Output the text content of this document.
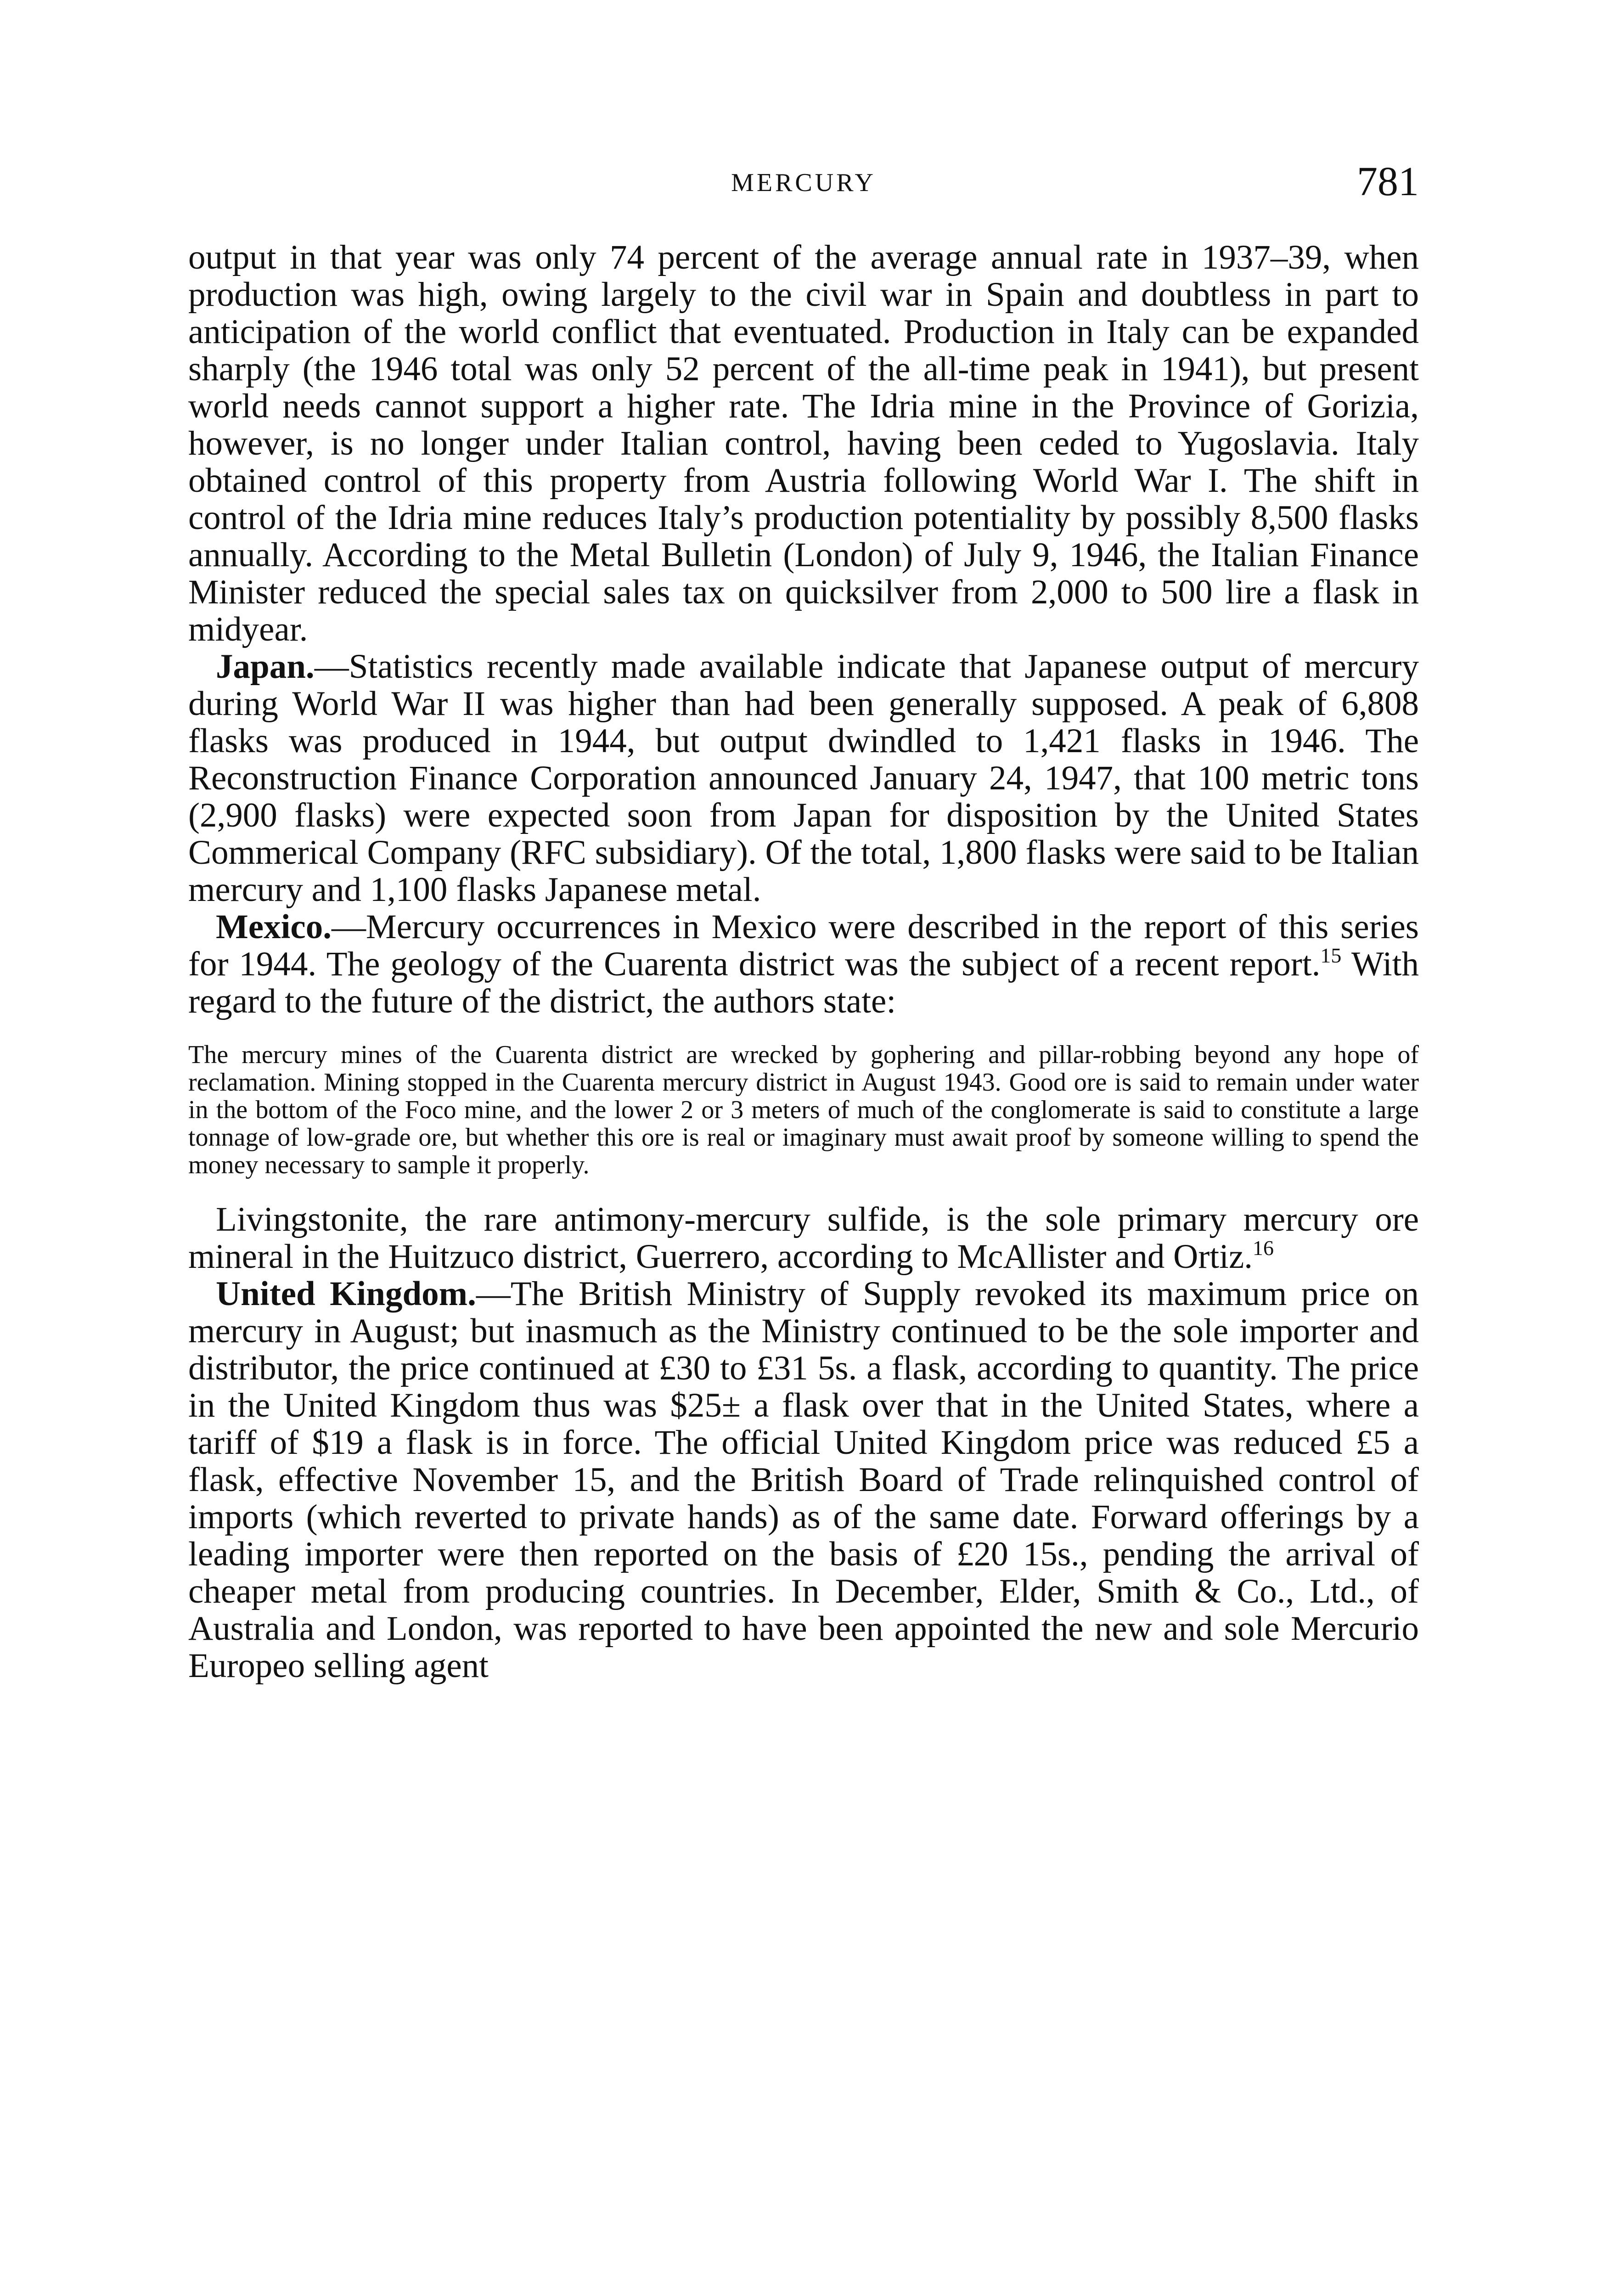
MERCURY	781

output in that year was only 74 percent of the average annual rate in 1937–39, when production was high, owing largely to the civil war in Spain and doubtless in part to anticipation of the world conflict that eventuated. Production in Italy can be expanded sharply (the 1946 total was only 52 percent of the all-time peak in 1941), but present world needs cannot support a higher rate. The Idria mine in the Province of Gorizia, however, is no longer under Italian control, having been ceded to Yugoslavia. Italy obtained control of this property from Austria following World War I. The shift in control of the Idria mine reduces Italy’s production potentiality by possibly 8,500 flasks annually. According to the Metal Bulletin (London) of July 9, 1946, the Italian Finance Minister reduced the special sales tax on quicksilver from 2,000 to 500 lire a flask in midyear.

Japan.—Statistics recently made available indicate that Japanese output of mercury during World War II was higher than had been generally supposed. A peak of 6,808 flasks was produced in 1944, but output dwindled to 1,421 flasks in 1946. The Reconstruction Finance Corporation announced January 24, 1947, that 100 metric tons (2,900 flasks) were expected soon from Japan for disposition by the United States Commerical Company (RFC subsidiary). Of the total, 1,800 flasks were said to be Italian mercury and 1,100 flasks Japanese metal.

Mexico.—Mercury occurrences in Mexico were described in the report of this series for 1944. The geology of the Cuarenta district was the subject of a recent report.$^{15}$ With regard to the future of the district, the authors state:

The mercury mines of the Cuarenta district are wrecked by gophering and pillar-robbing beyond any hope of reclamation. Mining stopped in the Cuarenta mercury district in August 1943. Good ore is said to remain under water in the bottom of the Foco mine, and the lower 2 or 3 meters of much of the conglomerate is said to constitute a large tonnage of low-grade ore, but whether this ore is real or imaginary must await proof by someone willing to spend the money necessary to sample it properly.

Livingstonite, the rare antimony-mercury sulfide, is the sole primary mercury ore mineral in the Huitzuco district, Guerrero, according to McAllister and Ortiz.$^{16}$

United Kingdom.—The British Ministry of Supply revoked its maximum price on mercury in August; but inasmuch as the Ministry continued to be the sole importer and distributor, the price continued at £30 to £31 5s. a flask, according to quantity. The price in the United Kingdom thus was $25± a flask over that in the United States, where a tariff of $19 a flask is in force. The official United Kingdom price was reduced £5 a flask, effective November 15, and the British Board of Trade relinquished control of imports (which reverted to private hands) as of the same date. Forward offerings by a leading importer were then reported on the basis of £20 15s., pending the arrival of cheaper metal from producing countries. In December, Elder, Smith & Co., Ltd., of Australia and London, was reported to have been appointed the new and sole Mercurio Europeo selling agent
